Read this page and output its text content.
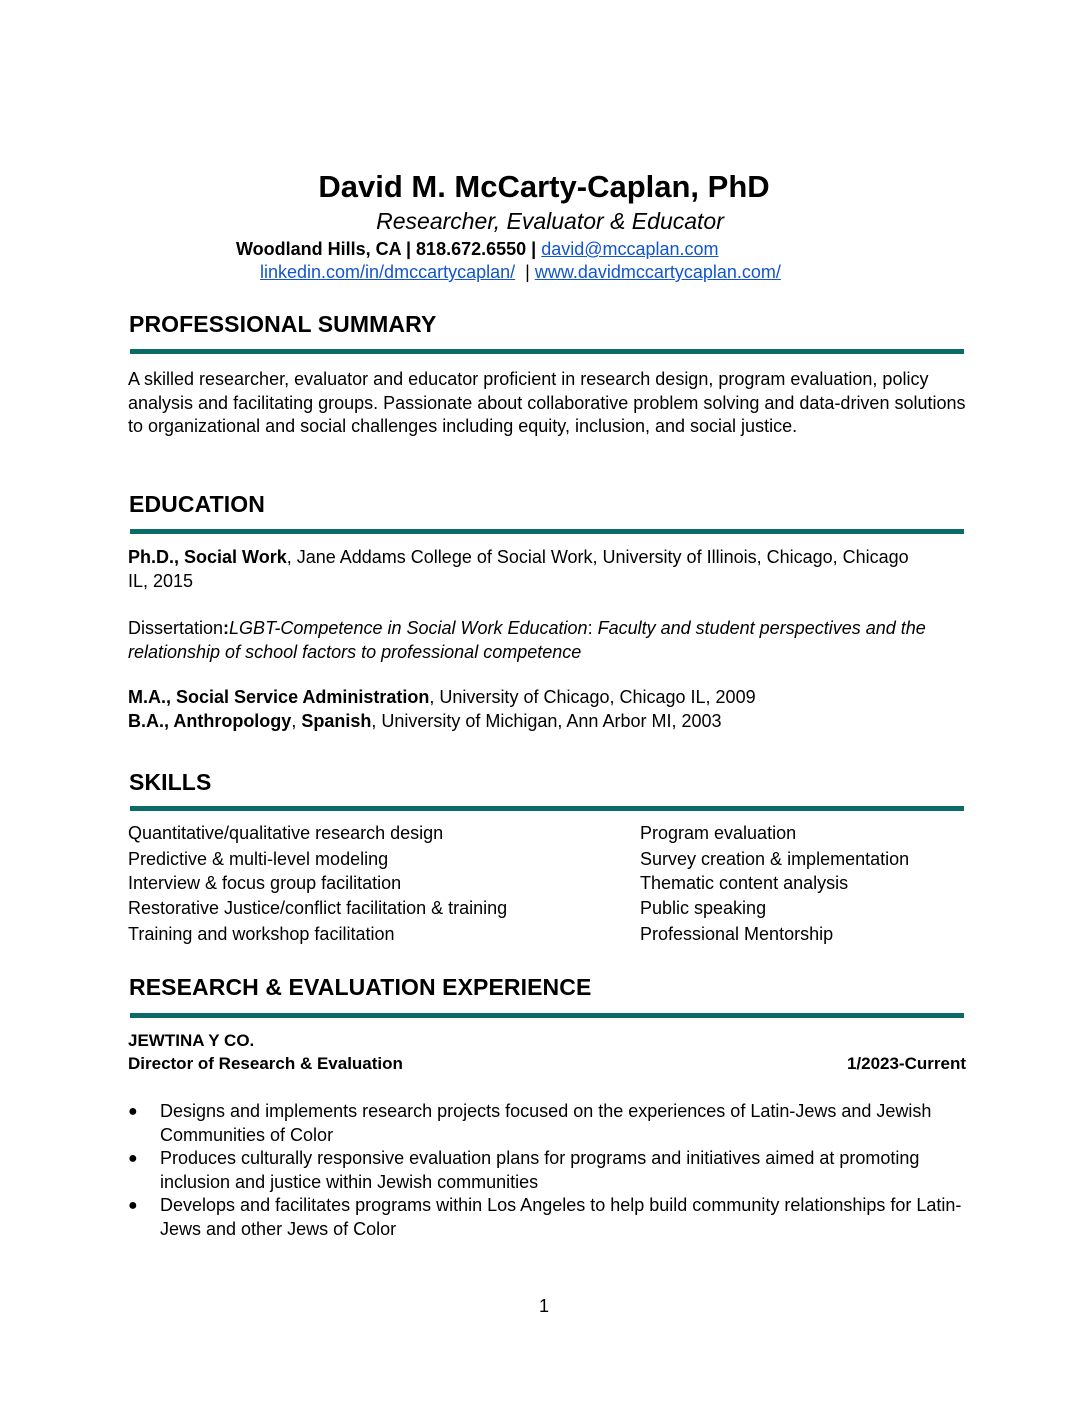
David M. McCarty-Caplan, PhD
Researcher, Evaluator & Educator
Woodland Hills, CA | 818.672.6550 | david@mccaplan.com
linkedin.com/in/dmccartycaplan/  | www.davidmccartycaplan.com/
PROFESSIONAL SUMMARY
A skilled researcher, evaluator and educator proficient in research design, program evaluation, policy analysis and facilitating groups. Passionate about collaborative problem solving and data-driven solutions to organizational and social challenges including equity, inclusion, and social justice.
EDUCATION
Ph.D., Social Work, Jane Addams College of Social Work, University of Illinois, Chicago, Chicago IL, 2015
Dissertation:LGBT-Competence in Social Work Education: Faculty and student perspectives and the relationship of school factors to professional competence
M.A., Social Service Administration, University of Chicago, Chicago IL, 2009
B.A., Anthropology, Spanish, University of Michigan, Ann Arbor MI, 2003
SKILLS
Quantitative/qualitative research design
Predictive & multi-level modeling
Interview & focus group facilitation
Restorative Justice/conflict facilitation & training
Training and workshop facilitation
Program evaluation
Survey creation & implementation
Thematic content analysis
Public speaking
Professional Mentorship
RESEARCH & EVALUATION EXPERIENCE
JEWTINA Y CO.
Director of Research & Evaluation	1/2023-Current
● Designs and implements research projects focused on the experiences of Latin-Jews and Jewish Communities of Color
● Produces culturally responsive evaluation plans for programs and initiatives aimed at promoting inclusion and justice within Jewish communities
● Develops and facilitates programs within Los Angeles to help build community relationships for Latin-Jews and other Jews of Color
1
